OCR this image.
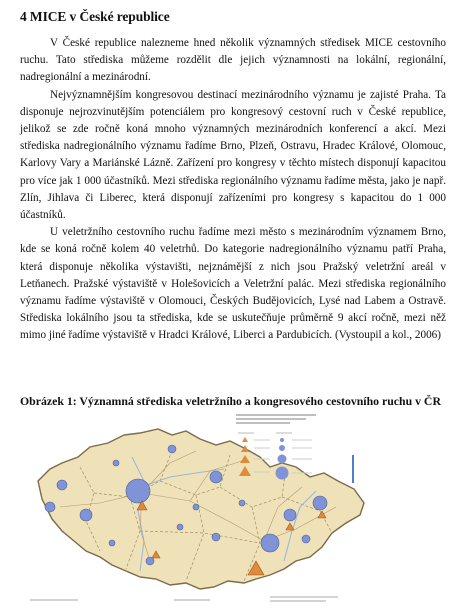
4 MICE v České republice

V České republice nalezneme hned několik významných středisek MICE cestovního ruchu. Tato střediska můžeme rozdělit dle jejich významnosti na lokální, regionální, nadregionální a mezinárodní.

Nejvýznamnějším kongresovou destinací mezinárodního významu je zajisté Praha. Ta disponuje nejrozvinutějším potenciálem pro kongresový cestovní ruch v České republice, jelikož se zde ročně koná mnoho významných mezinárodních konferencí a akcí. Mezi střediska nadregionálního významu řadíme Brno, Plzeň, Ostravu, Hradec Králové, Olomouc, Karlovy Vary a Mariánské Lázně. Zařízení pro kongresy v těchto místech disponují kapacitou pro více jak 1 000 účastníků. Mezi střediska regionálního významu řadíme města, jako je např. Zlín, Jihlava či Liberec, která disponují zařízeními pro kongresy s kapacitou do 1 000 účastníků.

U veletržního cestovního ruchu řadíme mezi město s mezinárodním významem Brno, kde se koná ročně kolem 40 veletrhů. Do kategorie nadregionálního významu patří Praha, která disponuje několika výstavišti, nejznámější z nich jsou Pražský veletržní areál v Letňanech. Pražské výstaviště v Holešovicích a Veletržní palác. Mezi střediska regionálního významu řadíme výstaviště v Olomouci, Českých Budějovicích, Lysé nad Labem a Ostravě. Střediska lokálního jsou ta střediska, kde se uskutečňuje průměrně 9 akcí ročně, mezi něž mimo jiné řadíme výstaviště v Hradci Králové, Liberci a Pardubicích. (Vystoupil a kol., 2006)

Obrázek 1: Významná střediska veletržního a kongresového cestovního ruchu v ČR
